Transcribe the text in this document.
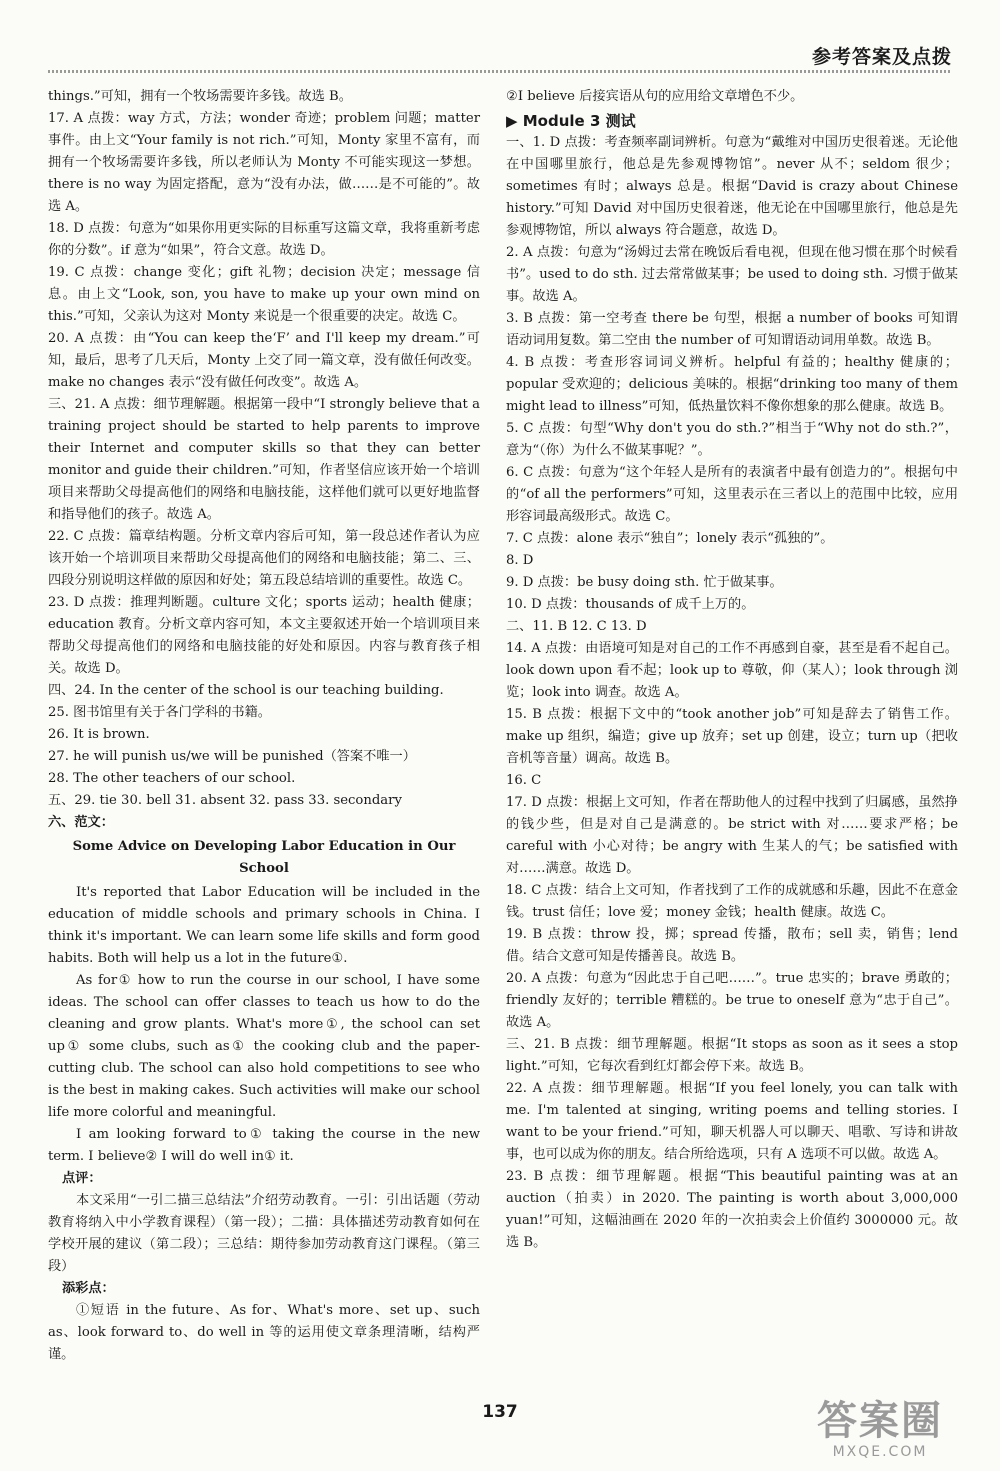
参考答案及点拨

things.”可知，拥有一个牧场需要许多钱。故选 B。

17. A 点拨：way 方式，方法；wonder 奇迹；problem 问题；matter 事件。由上文“Your family is not rich.”可知，Monty 家里不富有，而拥有一个牧场需要许多钱，所以老师认为 Monty 不可能实现这一梦想。there is no way 为固定搭配，意为“没有办法，做……是不可能的”。故选 A。

18. D 点拨：句意为“如果你用更实际的目标重写这篇文章，我将重新考虑你的分数”。if 意为“如果”，符合文意。故选 D。

19. C 点拨：change 变化；gift 礼物；decision 决定；message 信息。由上文“Look, son, you have to make up your own mind on this.”可知，父亲认为这对 Monty 来说是一个很重要的决定。故选 C。

20. A 点拨：由“You can keep the‘F’ and I'll keep my dream.”可知，最后，思考了几天后，Monty 上交了同一篇文章，没有做任何改变。make no changes 表示“没有做任何改变”。故选 A。

三、21. A 点拨：细节理解题。根据第一段中“I strongly believe that a training project should be started to help parents to improve their Internet and computer skills so that they can better monitor and guide their children.”可知，作者坚信应该开始一个培训项目来帮助父母提高他们的网络和电脑技能，这样他们就可以更好地监督和指导他们的孩子。故选 A。

22. C 点拨：篇章结构题。分析文章内容后可知，第一段总述作者认为应该开始一个培训项目来帮助父母提高他们的网络和电脑技能；第二、三、四段分别说明这样做的原因和好处；第五段总结培训的重要性。故选 C。

23. D 点拨：推理判断题。culture 文化；sports 运动；health 健康；education 教育。分析文章内容可知，本文主要叙述开始一个培训项目来帮助父母提高他们的网络和电脑技能的好处和原因。内容与教育孩子相关。故选 D。

四、24. In the center of the school is our teaching building.

25. 图书馆里有关于各门学科的书籍。

26. It is brown.

27. he will punish us/we will be punished（答案不唯一）

28. The other teachers of our school.

五、29. tie 30. bell 31. absent 32. pass 33. secondary

六、范文：

Some Advice on Developing Labor Education in Our School

It's reported that Labor Education will be included in the education of middle schools and primary schools in China. I think it's important. We can learn some life skills and form good habits. Both will help us a lot in the future①.

As for① how to run the course in our school, I have some ideas. The school can offer classes to teach us how to do the cleaning and grow plants. What's more①, the school can set up① some clubs, such as① the cooking club and the paper-cutting club. The school can also hold competitions to see who is the best in making cakes. Such activities will make our school life more colorful and meaningful.

I am looking forward to① taking the course in the new term. I believe② I will do well in① it.

点评：

本文采用“一引二描三总结法”介绍劳动教育。一引：引出话题（劳动教育将纳入中小学教育课程）（第一段）；二描：具体描述劳动教育如何在学校开展的建议（第二段）；三总结：期待参加劳动教育这门课程。（第三段）

添彩点：

①短语 in the future、As for、What's more、set up、such as、look forward to、do well in 等的运用使文章条理清晰，结构严谨。

②I believe 后接宾语从句的应用给文章增色不少。

▶ Module 3 测试

一、1. D 点拨：考查频率副词辨析。句意为“戴维对中国历史很着迷。无论他在中国哪里旅行，他总是先参观博物馆”。never 从不；seldom 很少；sometimes 有时；always 总是。根据“David is crazy about Chinese history.”可知 David 对中国历史很着迷，他无论在中国哪里旅行，他总是先参观博物馆，所以 always 符合题意，故选 D。

2. A 点拨：句意为“汤姆过去常在晚饭后看电视，但现在他习惯在那个时候看书”。used to do sth. 过去常常做某事；be used to doing sth. 习惯于做某事。故选 A。

3. B 点拨：第一空考查 there be 句型，根据 a number of books 可知谓语动词用复数。第二空由 the number of 可知谓语动词用单数。故选 B。

4. B 点拨：考查形容词词义辨析。helpful 有益的；healthy 健康的；popular 受欢迎的；delicious 美味的。根据“drinking too many of them might lead to illness”可知，低热量饮料不像你想象的那么健康。故选 B。

5. C 点拨：句型“Why don't you do sth.?”相当于“Why not do sth.?”，意为“（你）为什么不做某事呢？”。

6. C 点拨：句意为“这个年轻人是所有的表演者中最有创造力的”。根据句中的“of all the performers”可知，这里表示在三者以上的范围中比较，应用形容词最高级形式。故选 C。

7. C 点拨：alone 表示“独自”；lonely 表示“孤独的”。

8. D

9. D 点拨：be busy doing sth. 忙于做某事。

10. D 点拨：thousands of 成千上万的。

二、11. B 12. C 13. D

14. A 点拨：由语境可知是对自己的工作不再感到自豪，甚至是看不起自己。look down upon 看不起；look up to 尊敬，仰（某人）；look through 浏览；look into 调查。故选 A。

15. B 点拨：根据下文中的“took another job”可知是辞去了销售工作。make up 组织，编造；give up 放弃；set up 创建，设立；turn up（把收音机等音量）调高。故选 B。

16. C

17. D 点拨：根据上文可知，作者在帮助他人的过程中找到了归属感，虽然挣的钱少些，但是对自己是满意的。be strict with 对……要求严格；be careful with 小心对待；be angry with 生某人的气；be satisfied with 对……满意。故选 D。

18. C 点拨：结合上文可知，作者找到了工作的成就感和乐趣，因此不在意金钱。trust 信任；love 爱；money 金钱；health 健康。故选 C。

19. B 点拨：throw 投，掷；spread 传播，散布；sell 卖，销售；lend 借。结合文意可知是传播善良。故选 B。

20. A 点拨：句意为“因此忠于自己吧……”。true 忠实的；brave 勇敢的；friendly 友好的；terrible 糟糕的。be true to oneself 意为“忠于自己”。故选 A。

三、21. B 点拨：细节理解题。根据“It stops as soon as it sees a stop light.”可知，它每次看到红灯都会停下来。故选 B。

22. A 点拨：细节理解题。根据“If you feel lonely, you can talk with me. I'm talented at singing, writing poems and telling stories. I want to be your friend.”可知，聊天机器人可以聊天、唱歌、写诗和讲故事，也可以成为你的朋友。结合所给选项，只有 A 选项不可以做。故选 A。

23. B 点拨：细节理解题。根据“This beautiful painting was at an auction（拍卖）in 2020. The painting is worth about 3,000,000 yuan!”可知，这幅油画在 2020 年的一次拍卖会上价值约 3000000 元。故选 B。

137	答案圈
MXQE.COM
